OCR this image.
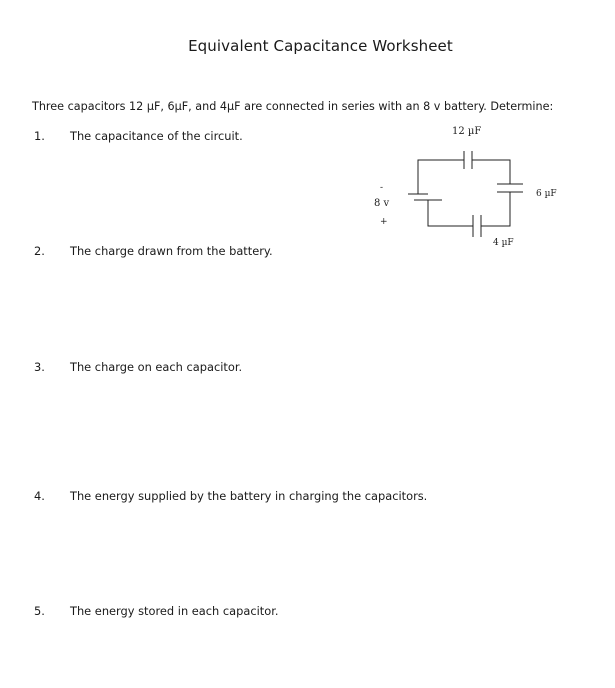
Equivalent Capacitance Worksheet
Three capacitors 12 µF, 6µF, and 4µF are connected in series with an 8 v battery. Determine:
1. The capacitance of the circuit.
2. The charge drawn from the battery.
3. The charge on each capacitor.
4. The energy supplied by the battery in charging the capacitors.
5. The energy stored in each capacitor.
12 µF
6 µF
4 µF
-
8 v
+
